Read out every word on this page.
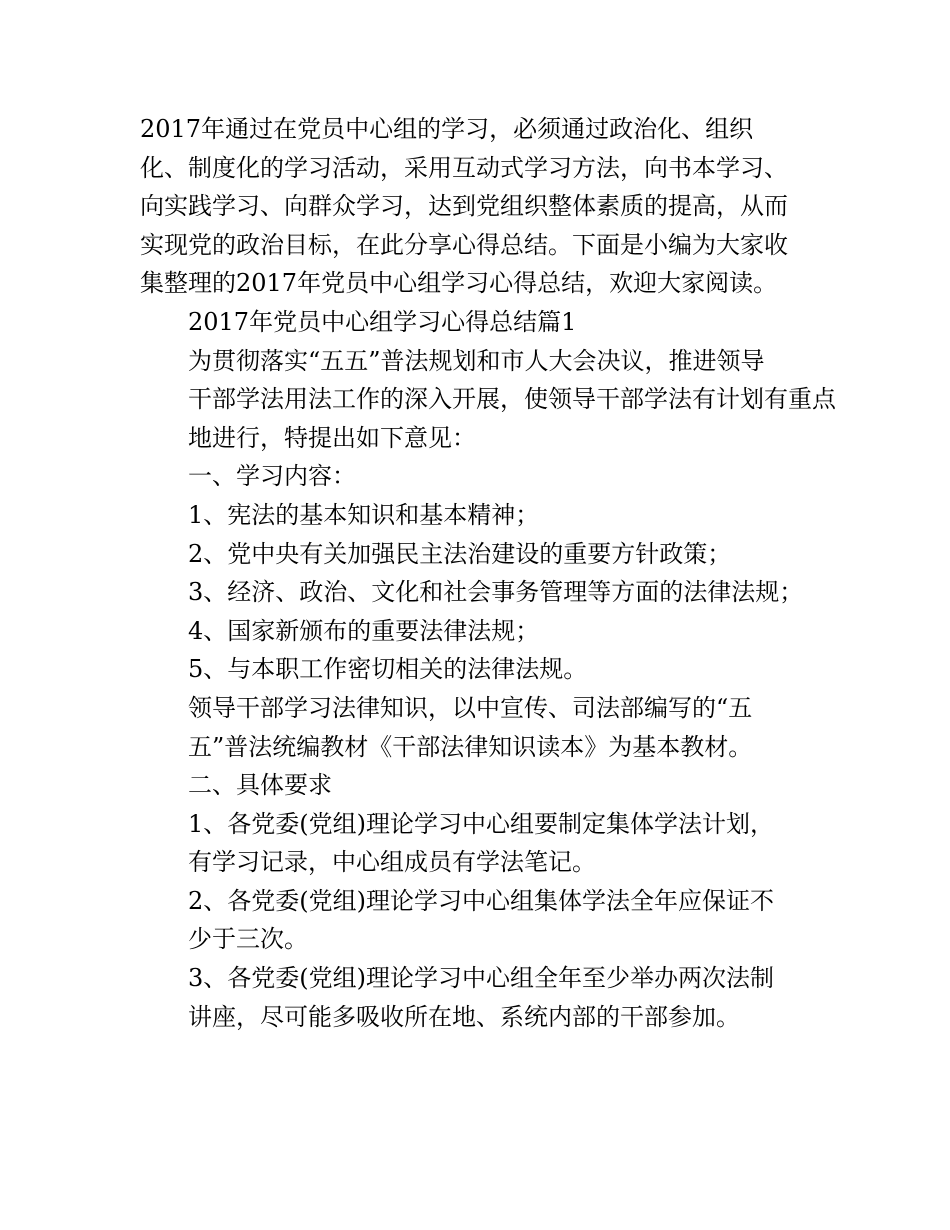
2017年通过在党员中心组的学习，必须通过政治化、组织
化、制度化的学习活动，采用互动式学习方法，向书本学习、
向实践学习、向群众学习，达到党组织整体素质的提高，从而
实现党的政治目标，在此分享心得总结。下面是小编为大家收
集整理的2017年党员中心组学习心得总结，欢迎大家阅读。
2017年党员中心组学习心得总结篇1
为贯彻落实“五五”普法规划和市人大会决议，推进领导
干部学法用法工作的深入开展，使领导干部学法有计划有重点
地进行，特提出如下意见：
一、学习内容：
1、宪法的基本知识和基本精神；
2、党中央有关加强民主法治建设的重要方针政策；
3、经济、政治、文化和社会事务管理等方面的法律法规；
4、国家新颁布的重要法律法规；
5、与本职工作密切相关的法律法规。
领导干部学习法律知识，以中宣传、司法部编写的“五
五”普法统编教材《干部法律知识读本》为基本教材。
二、具体要求
1、各党委(党组)理论学习中心组要制定集体学法计划，
有学习记录，中心组成员有学法笔记。
2、各党委(党组)理论学习中心组集体学法全年应保证不
少于三次。
3、各党委(党组)理论学习中心组全年至少举办两次法制
讲座，尽可能多吸收所在地、系统内部的干部参加。
